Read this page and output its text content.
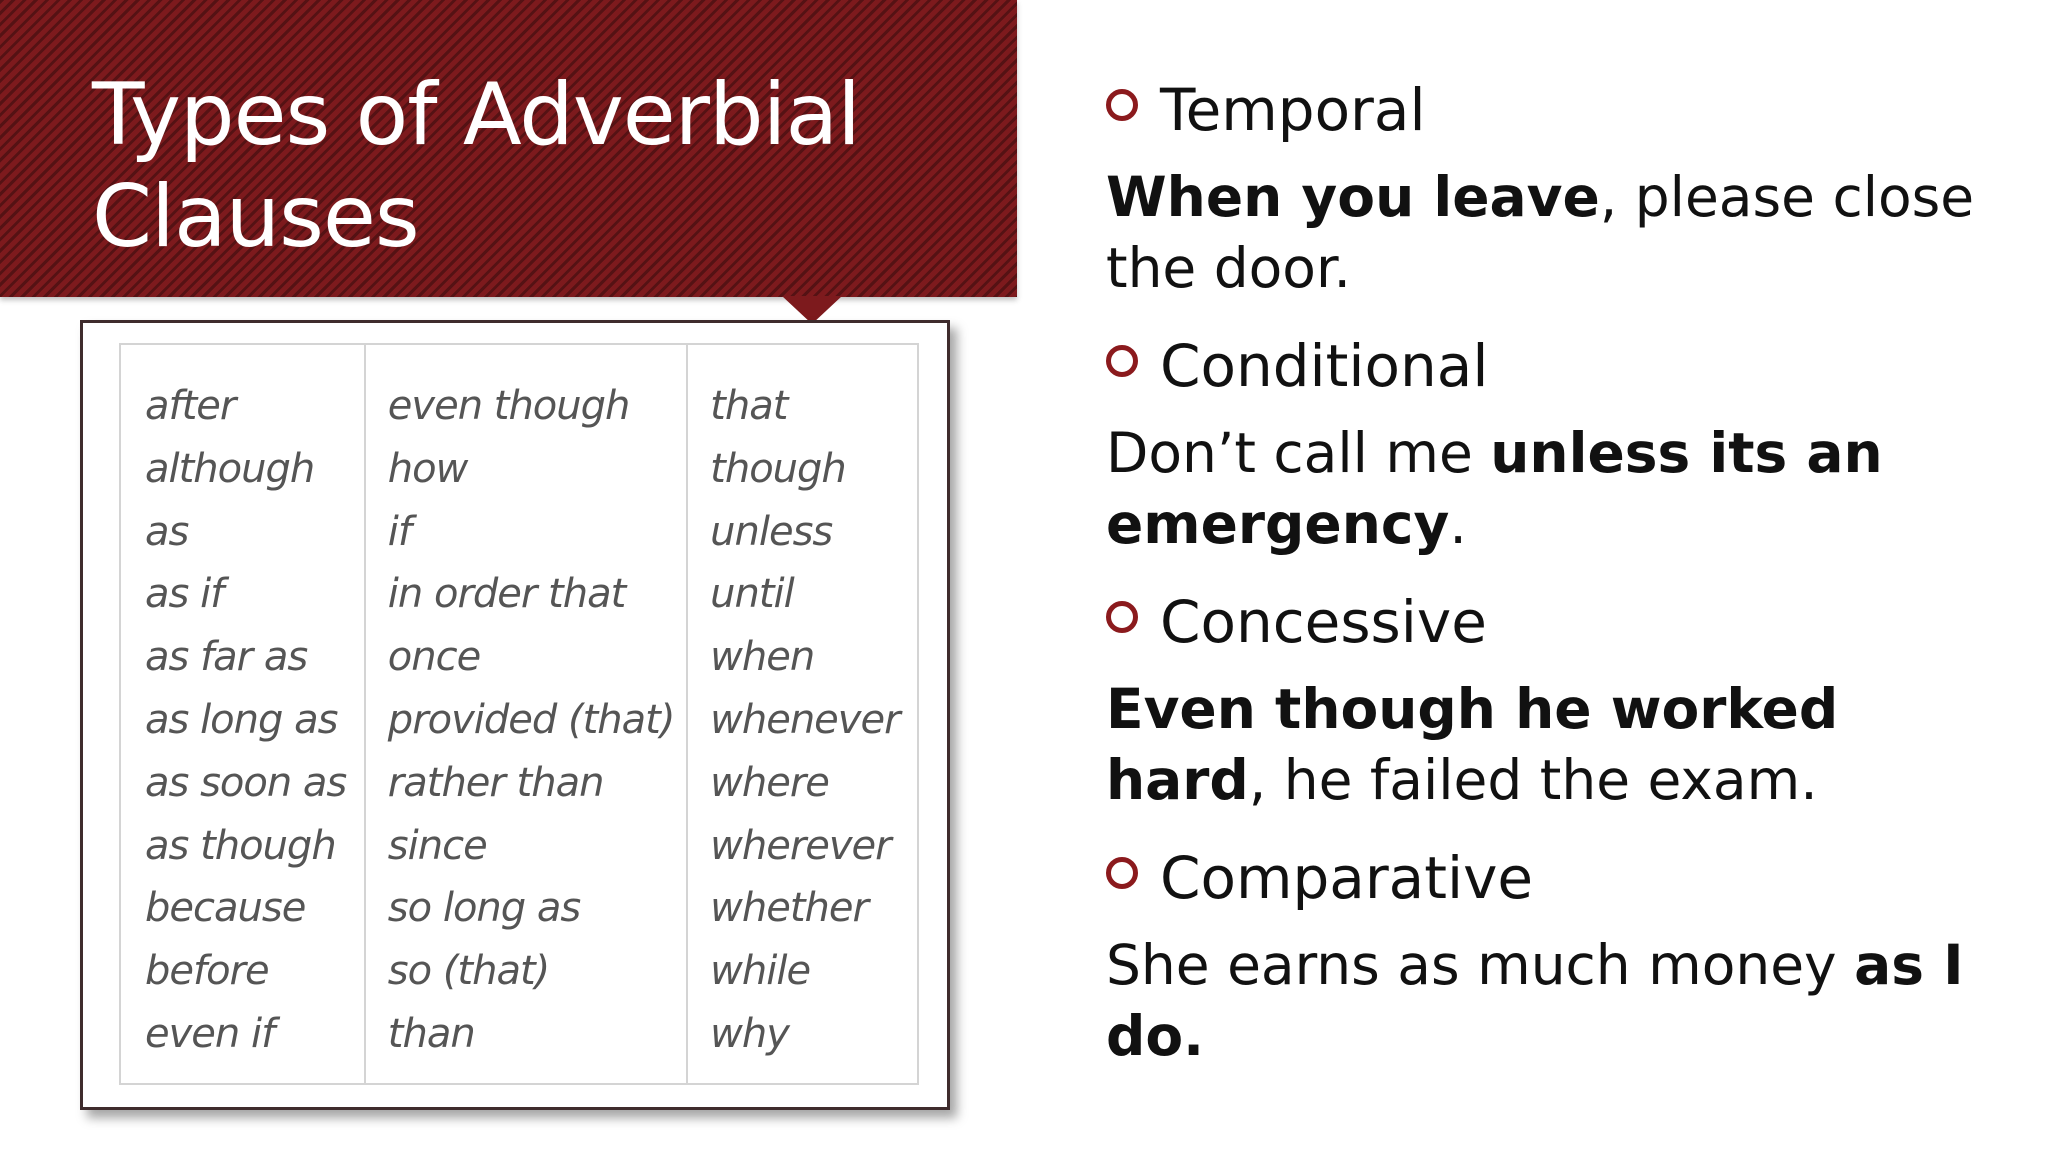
Types of Adverbial
Clauses
after
although
as
as if
as far as
as long as
as soon as
as though
because
before
even if
even though
how
if
in order that
once
provided (that)
rather than
since
so long as
so (that)
than
that
though
unless
until
when
whenever
where
wherever
whether
while
why
Temporal
When you leave, please close the door.
Conditional
Don’t call me unless its an emergency.
Concessive
Even though he worked hard, he failed the exam.
Comparative
She earns as much money as I do.
